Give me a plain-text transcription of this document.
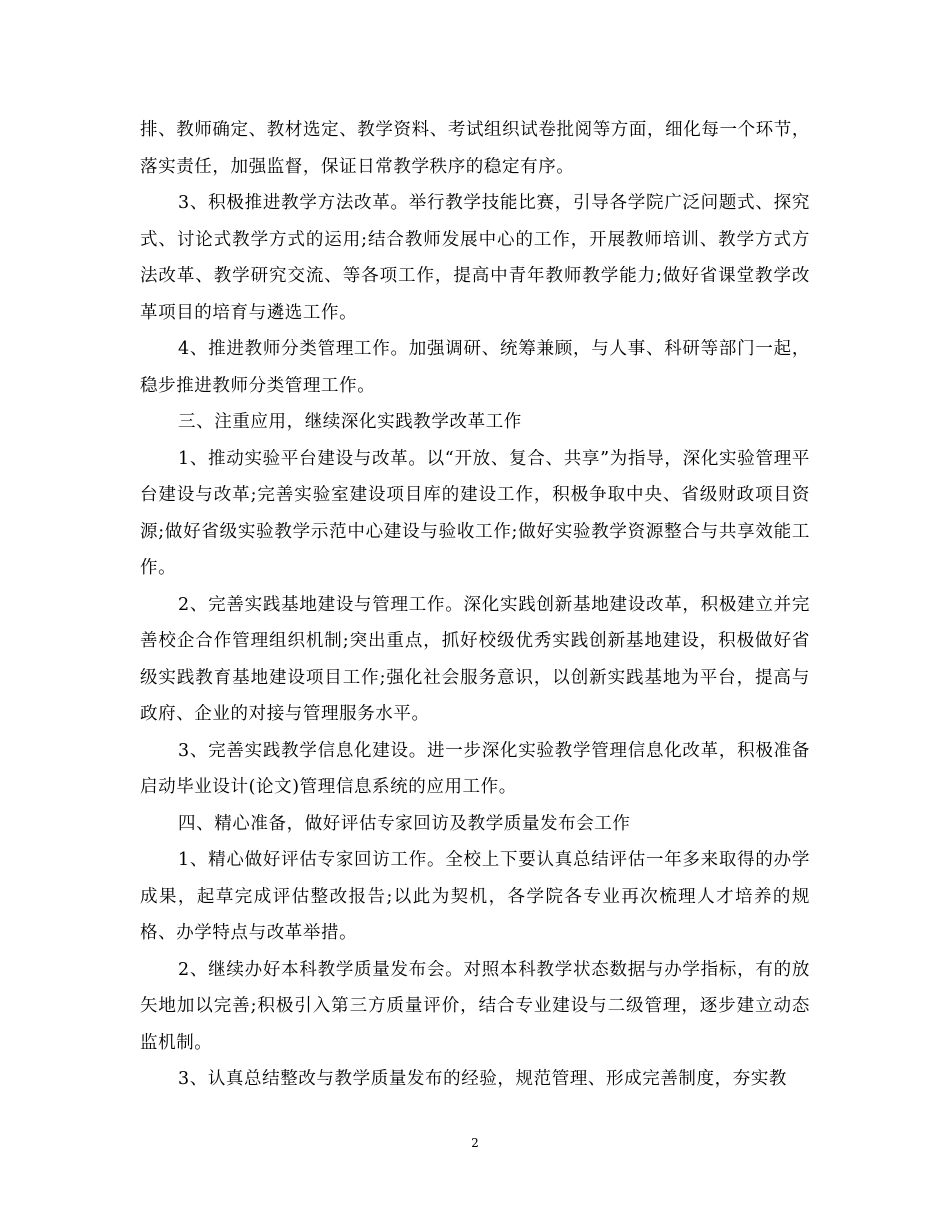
排、教师确定、教材选定、教学资料、考试组织试卷批阅等方面，细化每一个环节，落实责任，加强监督，保证日常教学秩序的稳定有序。

3、积极推进教学方法改革。举行教学技能比赛，引导各学院广泛问题式、探究式、讨论式教学方式的运用;结合教师发展中心的工作，开展教师培训、教学方式方法改革、教学研究交流、等各项工作，提高中青年教师教学能力;做好省课堂教学改革项目的培育与遴选工作。

4、推进教师分类管理工作。加强调研、统筹兼顾，与人事、科研等部门一起，稳步推进教师分类管理工作。

三、注重应用，继续深化实践教学改革工作

1、推动实验平台建设与改革。以“开放、复合、共享”为指导，深化实验管理平台建设与改革;完善实验室建设项目库的建设工作，积极争取中央、省级财政项目资源;做好省级实验教学示范中心建设与验收工作;做好实验教学资源整合与共享效能工作。

2、完善实践基地建设与管理工作。深化实践创新基地建设改革，积极建立并完善校企合作管理组织机制;突出重点，抓好校级优秀实践创新基地建设，积极做好省级实践教育基地建设项目工作;强化社会服务意识，以创新实践基地为平台，提高与政府、企业的对接与管理服务水平。

3、完善实践教学信息化建设。进一步深化实验教学管理信息化改革，积极准备启动毕业设计(论文)管理信息系统的应用工作。

四、精心准备，做好评估专家回访及教学质量发布会工作

1、精心做好评估专家回访工作。全校上下要认真总结评估一年多来取得的办学成果，起草完成评估整改报告;以此为契机，各学院各专业再次梳理人才培养的规格、办学特点与改革举措。

2、继续办好本科教学质量发布会。对照本科教学状态数据与办学指标，有的放矢地加以完善;积极引入第三方质量评价，结合专业建设与二级管理，逐步建立动态监机制。

3、认真总结整改与教学质量发布的经验，规范管理、形成完善制度，夯实教

2
